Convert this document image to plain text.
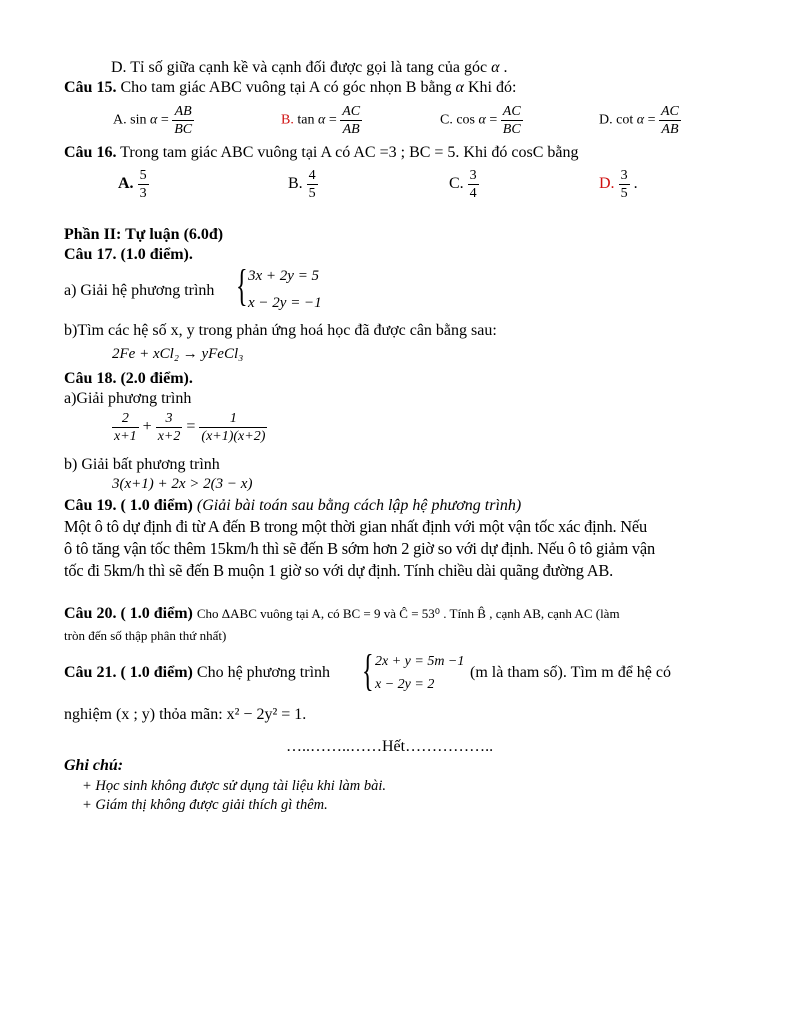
D. Tỉ số giữa cạnh kề và cạnh đối được gọi là tang của góc α .
Câu 15. Cho tam giác ABC vuông tại A có góc nhọn B bằng α Khi đó:
A. $\sin \alpha = \frac{AB}{BC}$	B. $\tan \alpha = \frac{AC}{AB}$	C. $\cos \alpha = \frac{AC}{BC}$	D. $\cot \alpha = \frac{AC}{AB}$
Câu 16. Trong tam giác ABC vuông tại A có AC =3 ; BC = 5. Khi đó cosC bằng
A. $\frac{5}{3}$	B. $\frac{4}{5}$	C. $\frac{3}{4}$	D. $\frac{3}{5}$ .
Phần II: Tự luận (6.0đ)
Câu 17. (1.0 điểm).
a) Giải hệ phương trình { 3x + 2y = 5
x − 2y = −1
b)Tìm các hệ số x, y trong phản ứng hoá học đã được cân bằng sau:
2Fe + xCl₂ → yFeCl₃
Câu 18. (2.0 điểm).
a)Giải phương trình
$\frac{2}{x+1} + \frac{3}{x+2} = \frac{1}{(x+1)(x+2)}$
b) Giải bất phương trình
3(x+1) + 2x > 2(3 − x)
Câu 19. ( 1.0 điểm) (Giải bài toán sau bằng cách lập hệ phương trình)
Một ô tô dự định đi từ A đến B trong một thời gian nhất định với một vận tốc xác định. Nếu
ô tô tăng vận tốc thêm 15km/h thì sẽ đến B sớm hơn 2 giờ so với dự định. Nếu ô tô giảm vận
tốc đi 5km/h thì sẽ đến B muộn 1 giờ so với dự định. Tính chiều dài quãng đường AB.
Câu 20. ( 1.0 điểm) Cho ΔABC vuông tại A, có BC = 9 và Ĉ = 53⁰ . Tính B̂ , cạnh AB, cạnh AC (làm
tròn đến số thập phân thứ nhất)
Câu 21. ( 1.0 điểm) Cho hệ phương trình { 2x + y = 5m −1
x − 2y = 2
(m là tham số). Tìm m để hệ có
nghiệm (x ; y) thỏa mãn: x² − 2y² = 1.
…..……..……Hết……………..
Ghi chú:
+ Học sinh không được sử dụng tài liệu khi làm bài.
+ Giám thị không được giải thích gì thêm.
